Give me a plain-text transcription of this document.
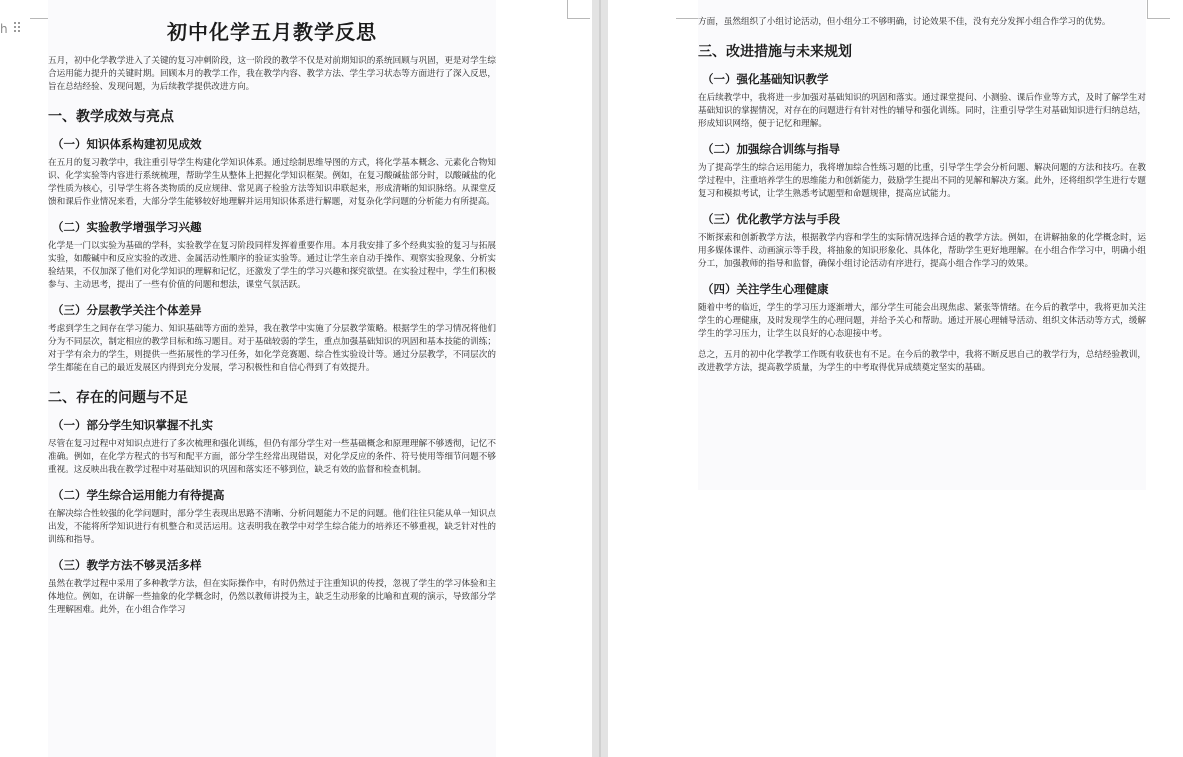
h	初中化学五月教学反思

五月，初中化学教学进入了关键的复习冲刺阶段，这一阶段的教学不仅是对前期知识的系统回顾与巩固，更是对学生综合运用能力提升的关键时期。回顾本月的教学工作，我在教学内容、教学方法、学生学习状态等方面进行了深入反思，旨在总结经验、发现问题，为后续教学提供改进方向。

一、教学成效与亮点
（一）知识体系构建初见成效

在五月的复习教学中，我注重引导学生构建化学知识体系。通过绘制思维导图的方式，将化学基本概念、元素化合物知识、化学实验等内容进行系统梳理，帮助学生从整体上把握化学知识框架。例如，在复习酸碱盐部分时，以酸碱盐的化学性质为核心，引导学生将各类物质的反应规律、常见离子检验方法等知识串联起来，形成清晰的知识脉络。从课堂反馈和课后作业情况来看，大部分学生能够较好地理解并运用知识体系进行解题，对复杂化学问题的分析能力有所提高。

（二）实验教学增强学习兴趣

化学是一门以实验为基础的学科，实验教学在复习阶段同样发挥着重要作用。本月我安排了多个经典实验的复习与拓展实验，如酸碱中和反应实验的改进、金属活动性顺序的验证实验等。通过让学生亲自动手操作、观察实验现象、分析实验结果，不仅加深了他们对化学知识的理解和记忆，还激发了学生的学习兴趣和探究欲望。在实验过程中，学生们积极参与、主动思考，提出了一些有价值的问题和想法，课堂气氛活跃。

（三）分层教学关注个体差异

考虑到学生之间存在学习能力、知识基础等方面的差异，我在教学中实施了分层教学策略。根据学生的学习情况将他们分为不同层次，制定相应的教学目标和练习题目。对于基础较弱的学生，重点加强基础知识的巩固和基本技能的训练；对于学有余力的学生，则提供一些拓展性的学习任务，如化学竞赛题、综合性实验设计等。通过分层教学，不同层次的学生都能在自己的最近发展区内得到充分发展，学习积极性和自信心得到了有效提升。

二、存在的问题与不足
（一）部分学生知识掌握不扎实

尽管在复习过程中对知识点进行了多次梳理和强化训练，但仍有部分学生对一些基础概念和原理理解不够透彻，记忆不准确。例如，在化学方程式的书写和配平方面，部分学生经常出现错误，对化学反应的条件、符号使用等细节问题不够重视。这反映出我在教学过程中对基础知识的巩固和落实还不够到位，缺乏有效的监督和检查机制。

（二）学生综合运用能力有待提高

在解决综合性较强的化学问题时，部分学生表现出思路不清晰、分析问题能力不足的问题。他们往往只能从单一知识点出发，不能将所学知识进行有机整合和灵活运用。这表明我在教学中对学生综合能力的培养还不够重视，缺乏针对性的训练和指导。

（三）教学方法不够灵活多样

虽然在教学过程中采用了多种教学方法，但在实际操作中，有时仍然过于注重知识的传授，忽视了学生的学习体验和主体地位。例如，在讲解一些抽象的化学概念时，仍然以教师讲授为主，缺乏生动形象的比喻和直观的演示，导致部分学生理解困难。此外，在小组合作学习

方面，虽然组织了小组讨论活动，但小组分工不够明确，讨论效果不佳，没有充分发挥小组合作学习的优势。

三、改进措施与未来规划
（一）强化基础知识教学

在后续教学中，我将进一步加强对基础知识的巩固和落实。通过课堂提问、小测验、课后作业等方式，及时了解学生对基础知识的掌握情况，对存在的问题进行有针对性的辅导和强化训练。同时，注重引导学生对基础知识进行归纳总结，形成知识网络，便于记忆和理解。

（二）加强综合训练与指导

为了提高学生的综合运用能力，我将增加综合性练习题的比重，引导学生学会分析问题、解决问题的方法和技巧。在教学过程中，注重培养学生的思维能力和创新能力，鼓励学生提出不同的见解和解决方案。此外，还将组织学生进行专题复习和模拟考试，让学生熟悉考试题型和命题规律，提高应试能力。

（三）优化教学方法与手段

不断探索和创新教学方法，根据教学内容和学生的实际情况选择合适的教学方法。例如，在讲解抽象的化学概念时，运用多媒体课件、动画演示等手段，将抽象的知识形象化、具体化，帮助学生更好地理解。在小组合作学习中，明确小组分工，加强教师的指导和监督，确保小组讨论活动有序进行，提高小组合作学习的效果。

（四）关注学生心理健康

随着中考的临近，学生的学习压力逐渐增大，部分学生可能会出现焦虑、紧张等情绪。在今后的教学中，我将更加关注学生的心理健康，及时发现学生的心理问题，并给予关心和帮助。通过开展心理辅导活动、组织文体活动等方式，缓解学生的学习压力，让学生以良好的心态迎接中考。

总之，五月的初中化学教学工作既有收获也有不足。在今后的教学中，我将不断反思自己的教学行为，总结经验教训，改进教学方法，提高教学质量，为学生的中考取得优异成绩奠定坚实的基础。
